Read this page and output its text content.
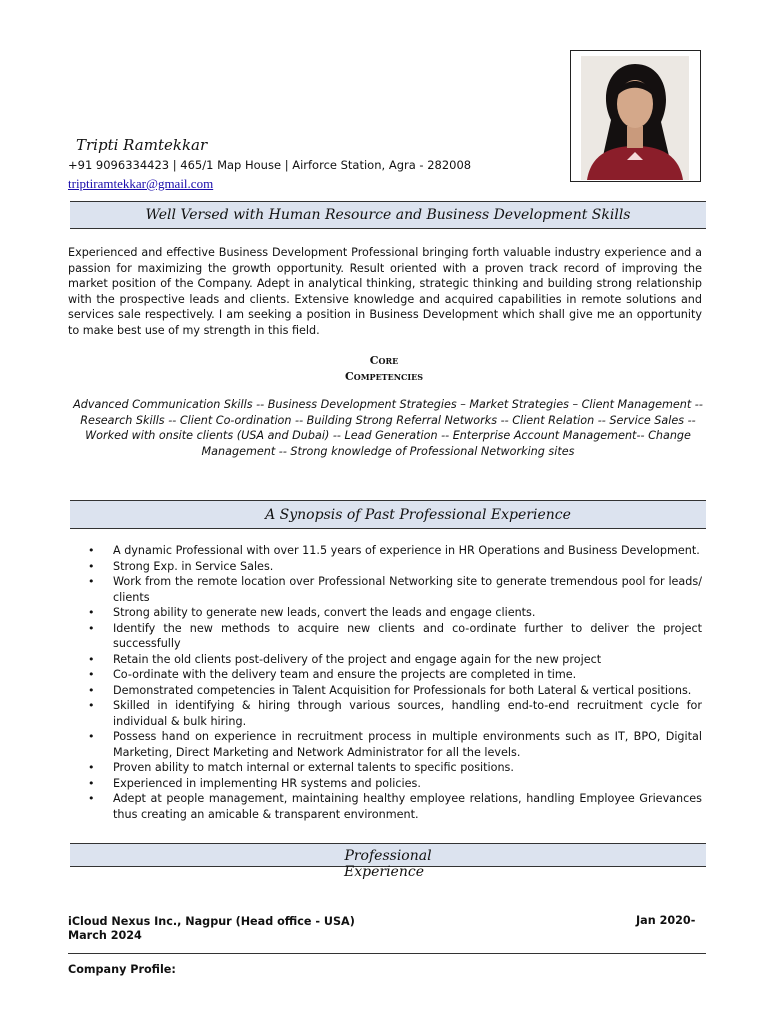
Tripti Ramtekkar
+91 9096334423 | 465/1 Map House | Airforce Station, Agra - 282008
triptiramtekkar@gmail.com
Well Versed with Human Resource and Business Development Skills
Experienced and effective Business Development Professional bringing forth valuable industry experience and a passion for maximizing the growth opportunity. Result oriented with a proven track record of improving the market position of the Company. Adept in analytical thinking, strategic thinking and building strong relationship with the prospective leads and clients. Extensive knowledge and acquired capabilities in remote solutions and services sale respectively. I am seeking a position in Business Development which shall give me an opportunity to make best use of my strength in this field.
Core
Competencies
Advanced Communication Skills -- Business Development Strategies – Market Strategies – Client Management -- Research Skills -- Client Co-ordination -- Building Strong Referral Networks -- Client Relation -- Service Sales -- Worked with onsite clients (USA and Dubai) -- Lead Generation -- Enterprise Account Management-- Change Management -- Strong knowledge of Professional Networking sites
A Synopsis of Past Professional Experience
• A dynamic Professional with over 11.5 years of experience in HR Operations and Business Development.
• Strong Exp. in Service Sales.
• Work from the remote location over Professional Networking site to generate tremendous pool for leads/ clients
• Strong ability to generate new leads, convert the leads and engage clients.
• Identify the new methods to acquire new clients and co-ordinate further to deliver the project successfully
• Retain the old clients post-delivery of the project and engage again for the new project
• Co-ordinate with the delivery team and ensure the projects are completed in time.
• Demonstrated competencies in Talent Acquisition for Professionals for both Lateral & vertical positions.
• Skilled in identifying & hiring through various sources, handling end-to-end recruitment cycle for individual & bulk hiring.
• Possess hand on experience in recruitment process in multiple environments such as IT, BPO, Digital Marketing, Direct Marketing and Network Administrator for all the levels.
• Proven ability to match internal or external talents to specific positions.
• Experienced in implementing HR systems and policies.
• Adept at people management, maintaining healthy employee relations, handling Employee Grievances thus creating an amicable & transparent environment.
Professional
Experience
iCloud Nexus Inc., Nagpur (Head office - USA)	Jan 2020-
March 2024
Company Profile:
